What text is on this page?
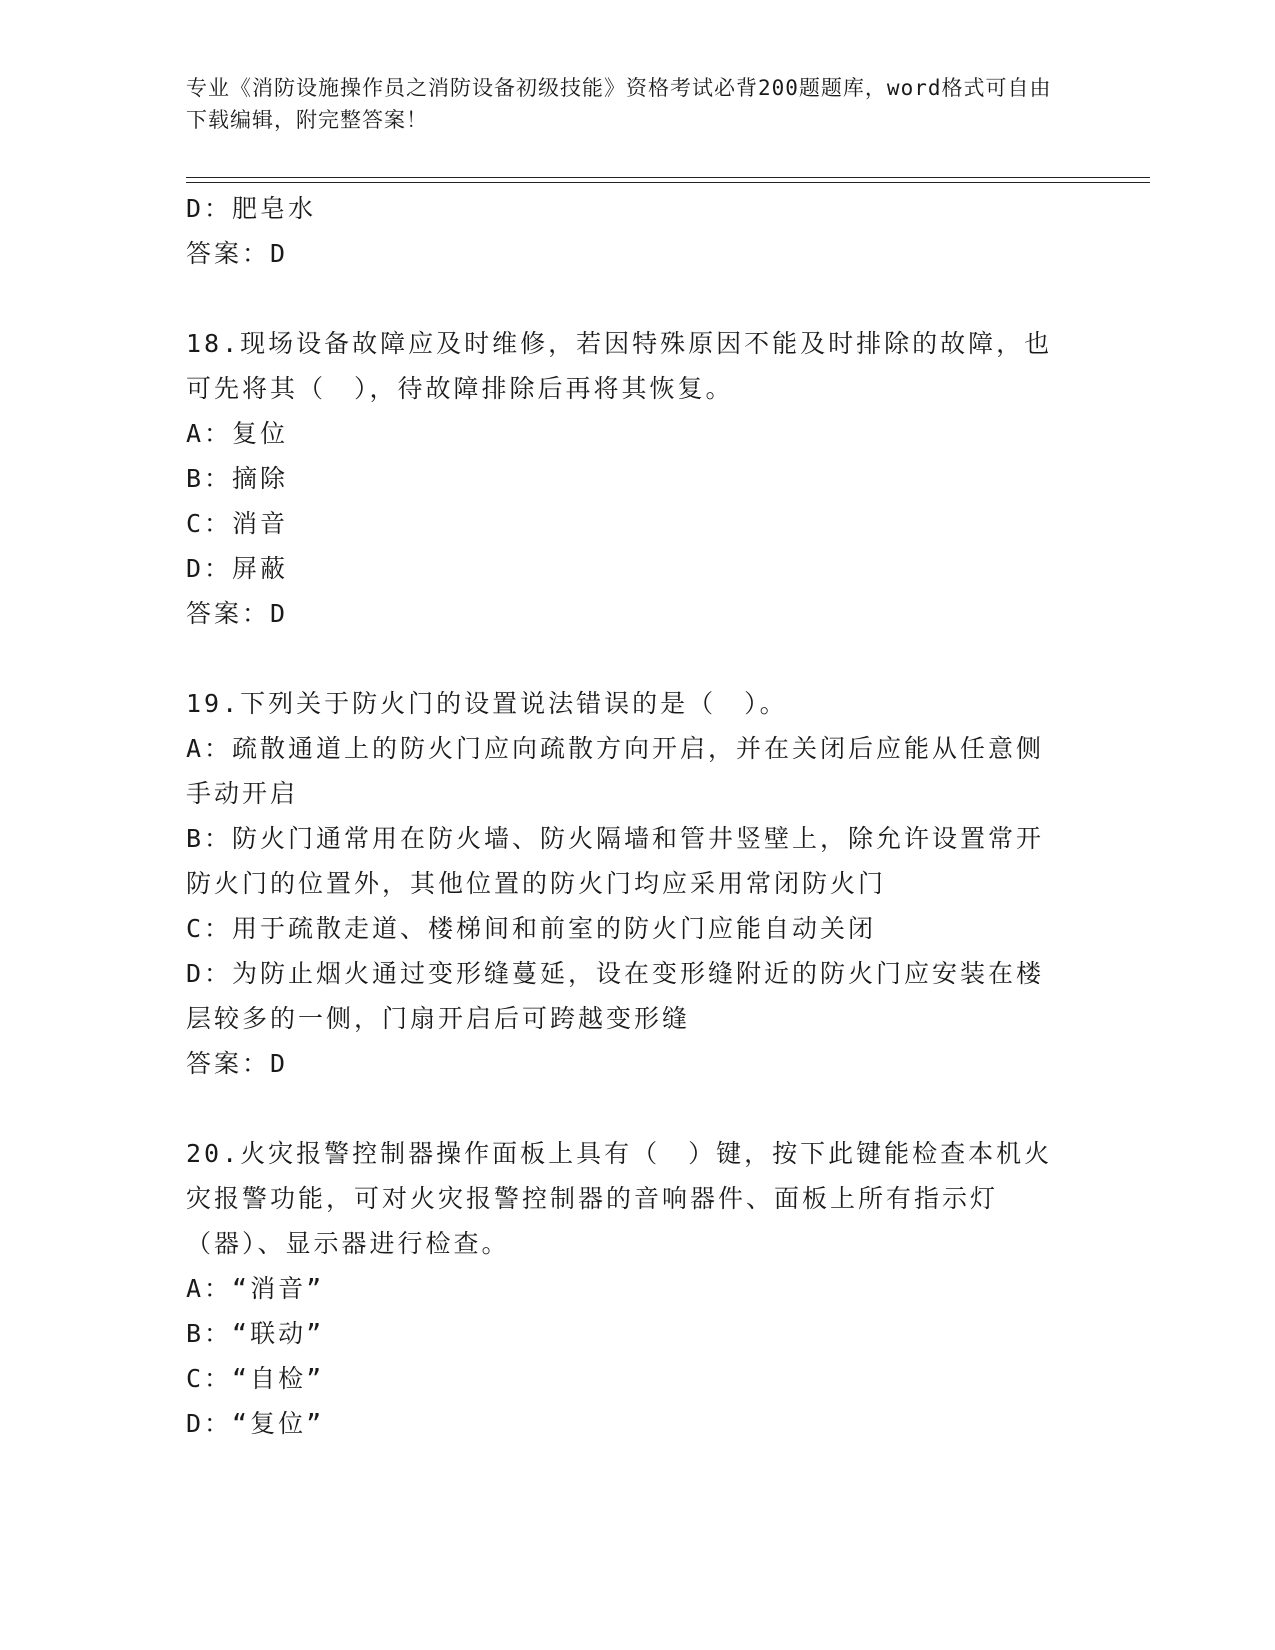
专业《消防设施操作员之消防设备初级技能》资格考试必背200题题库，word格式可自由下载编辑，附完整答案！
D：肥皂水
答案：D
18.现场设备故障应及时维修，若因特殊原因不能及时排除的故障，也可先将其（　），待故障排除后再将其恢复。
A：复位
B：摘除
C：消音
D：屏蔽
答案：D
19.下列关于防火门的设置说法错误的是（　）。
A：疏散通道上的防火门应向疏散方向开启，并在关闭后应能从任意侧手动开启
B：防火门通常用在防火墙、防火隔墙和管井竖壁上，除允许设置常开防火门的位置外，其他位置的防火门均应采用常闭防火门
C：用于疏散走道、楼梯间和前室的防火门应能自动关闭
D：为防止烟火通过变形缝蔓延，设在变形缝附近的防火门应安装在楼层较多的一侧，门扇开启后可跨越变形缝
答案：D
20.火灾报警控制器操作面板上具有（　）键，按下此键能检查本机火灾报警功能，可对火灾报警控制器的音响器件、面板上所有指示灯（器）、显示器进行检查。
A：“消音”
B：“联动”
C：“自检”
D：“复位”
